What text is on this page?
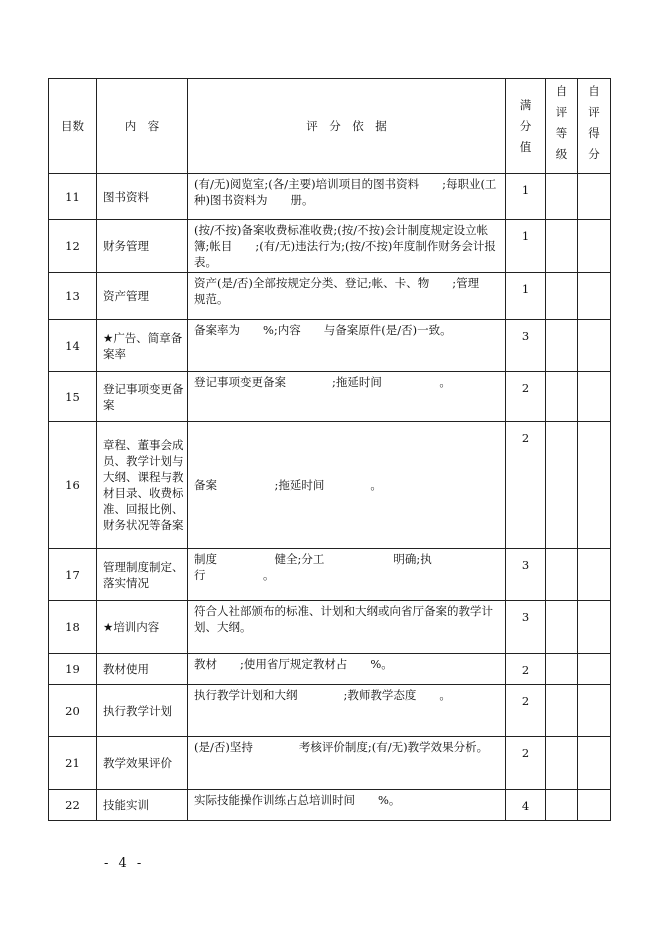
目数	内　容	评　分　依　据	满分值	自评等级	自评得分
11	图书资料	(有/无)阅览室;(各/主要)培训项目的图书资料　　;每职业(工种)图书资料为　　册。	1		
12	财务管理	(按/不按)备案收费标准收费;(按/不按)会计制度规定设立帐簿;帐目　　;(有/无)违法行为;(按/不按)年度制作财务会计报表。	1		
13	资产管理	资产(是/否)全部按规定分类、登记;帐、卡、物　　;管理　　规范。	1		
14	★广告、简章备案率	备案率为　　%;内容　　与备案原件(是/否)一致。	3		
15	登记事项变更备案	登记事项变更备案　　　　;拖延时间　　　　　。	2		
16	章程、董事会成员、教学计划与大纲、课程与教材目录、收费标准、回报比例、财务状况等备案	备案　　　　　;拖延时间　　　　。	2		
17	管理制度制定、落实情况	制度　　　　　健全;分工　　　　　　明确;执行　　　　　。	3		
18	★培训内容	符合人社部颁布的标准、计划和大纲或向省厅备案的教学计划、大纲。	3		
19	教材使用	教材　　;使用省厅规定教材占　　%。	2		
20	执行教学计划	执行教学计划和大纲　　　　;教师教学态度　　。	2		
21	教学效果评价	(是/否)坚持　　　　考核评价制度;(有/无)教学效果分析。	2		
22	技能实训	实际技能操作训练占总培训时间　　%。	4		
- 4 -
